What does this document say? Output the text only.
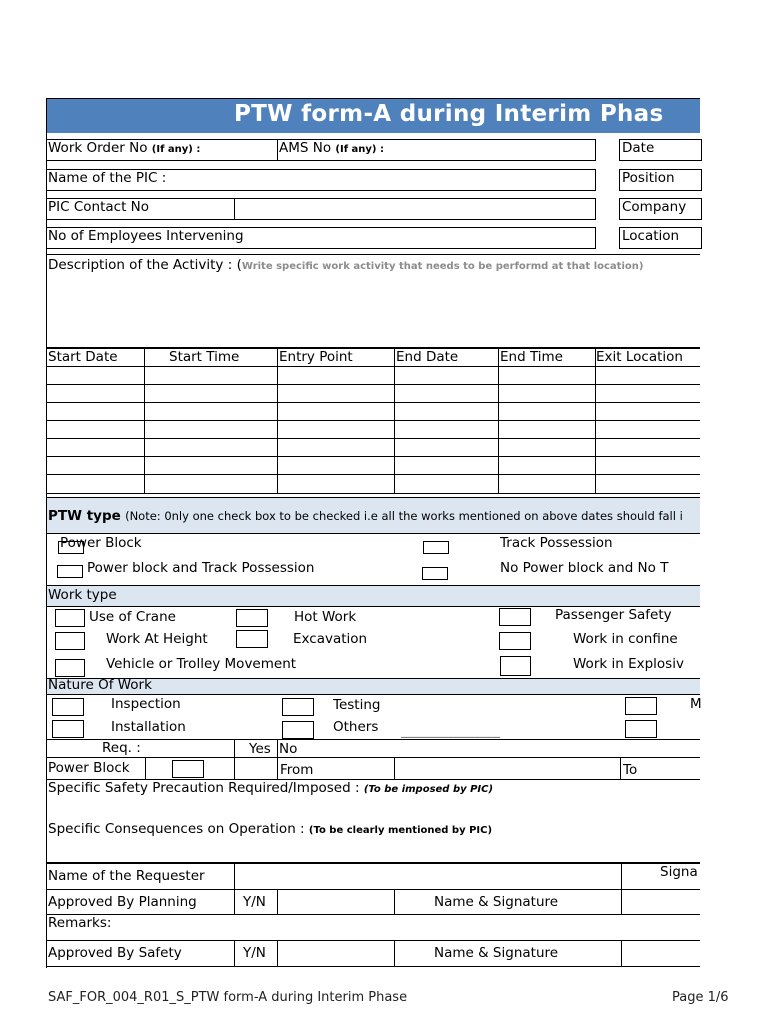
PTW form-A during Interim Phas
Work Order No (If any) :	AMS No (If any) :	Date
Name of the PIC :	Position
PIC Contact No	Company
No of Employees Intervening	Location
Description of the Activity : (Write specific work activity that needs to be performd at that location)
Start Date	Start Time	Entry Point	End Date	End Time Exit Location
PTW type (Note: 0nly one check box to be checked i.e all the works mentioned on above dates should fall i
Power Block	Track Possession
Power block and Track Possession	No Power block and No T
Work type
Use of Crane	Hot Work	Passenger Safety
Work At Height	Excavation	Work in confine
Vehicle or Trolley Movement	Work in Explosiv
Nature Of Work
Inspection	Testing	M
Installation	Others __________________
Req. :	Yes No
Power Block	From	To
Specific Safety Precaution Required/Imposed : (To be imposed by PIC)
Specific Consequences on Operation : (To be clearly mentioned by PIC)
Name of the Requester	Signa
Approved By Planning	Y/N	Name & Signature
Remarks:
Approved By Safety	Y/N	Name & Signature
SAF_FOR_004_R01_S_PTW form-A during Interim Phase	Page 1/6
